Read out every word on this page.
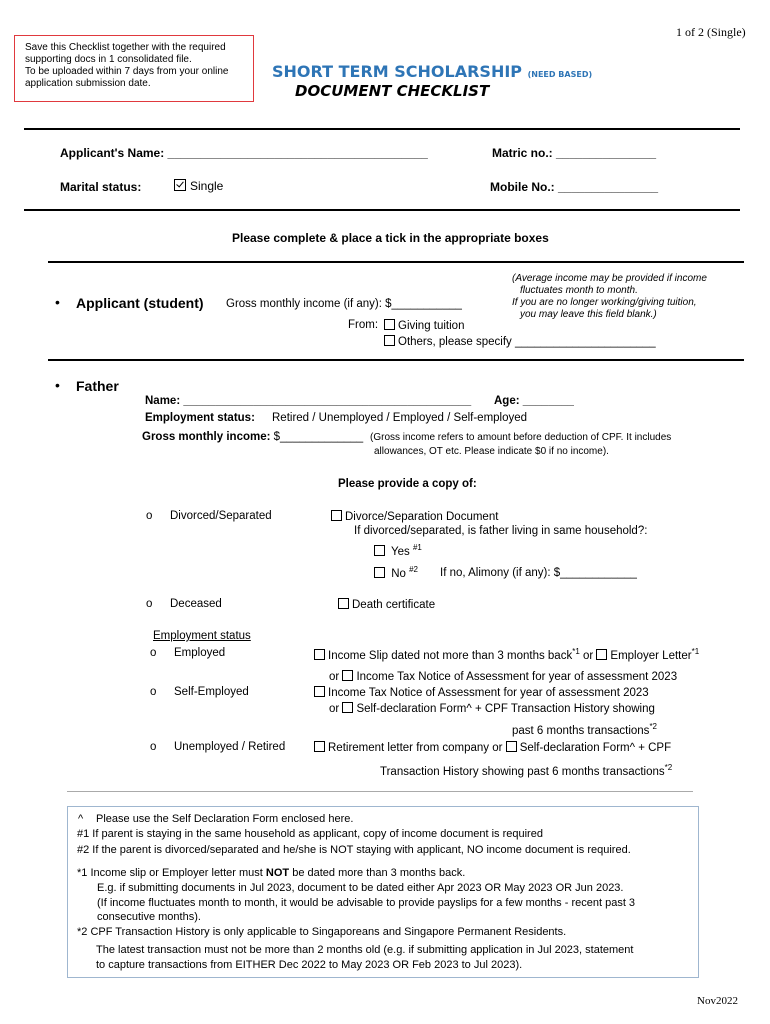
1 of 2 (Single)
Save this Checklist together with the required
supporting docs in 1 consolidated file.
To be uploaded within 7 days from your online
application submission date.
SHORT TERM SCHOLARSHIP (NEED BASED)
DOCUMENT CHECKLIST
Applicant's Name: _______________________________________	Matric no.: _______________
Marital status:	Single	Mobile No.: _______________
Please complete & place a tick in the appropriate boxes
• Applicant (student) Gross monthly income (if any): $___________
(Average income may be provided if income
fluctuates month to month.
If you are no longer working/giving tuition,
you may leave this field blank.)
From:	Giving tuition
Others, please specify ______________________
• Father
Name: _____________________________________________ Age: ________
Employment status: Retired / Unemployed / Employed / Self-employed
Gross monthly income: $_____________ (Gross income refers to amount before deduction of CPF. It includes
allowances, OT etc. Please indicate $0 if no income).
Please provide a copy of:
o Divorced/Separated	Divorce/Separation Document
If divorced/separated, is father living in same household?:
Yes $^{\#1}$
No $^{\#2}$ If no, Alimony (if any): $____________
o Deceased	Death certificate
Employment status
o Employed	Income Slip dated not more than 3 months back$^{*1}$ or Employer Letter$^{*1}$
or Income Tax Notice of Assessment for year of assessment 2023
o Self-Employed	Income Tax Notice of Assessment for year of assessment 2023
or Self-declaration Form^ + CPF Transaction History showing
past 6 months transactions$^{*2}$
o Unemployed / Retired	Retirement letter from company or Self-declaration Form^ + CPF
Transaction History showing past 6 months transactions$^{*2}$
^ Please use the Self Declaration Form enclosed here.
#1 If parent is staying in the same household as applicant, copy of income document is required
#2 If the parent is divorced/separated and he/she is NOT staying with applicant, NO income document is required.
*1 Income slip or Employer letter must NOT be dated more than 3 months back.
E.g. if submitting documents in Jul 2023, document to be dated either Apr 2023 OR May 2023 OR Jun 2023.
(If income fluctuates month to month, it would be advisable to provide payslips for a few months - recent past 3
consecutive months).
*2 CPF Transaction History is only applicable to Singaporeans and Singapore Permanent Residents.
The latest transaction must not be more than 2 months old (e.g. if submitting application in Jul 2023, statement
to capture transactions from EITHER Dec 2022 to May 2023 OR Feb 2023 to Jul 2023).
Nov2022
